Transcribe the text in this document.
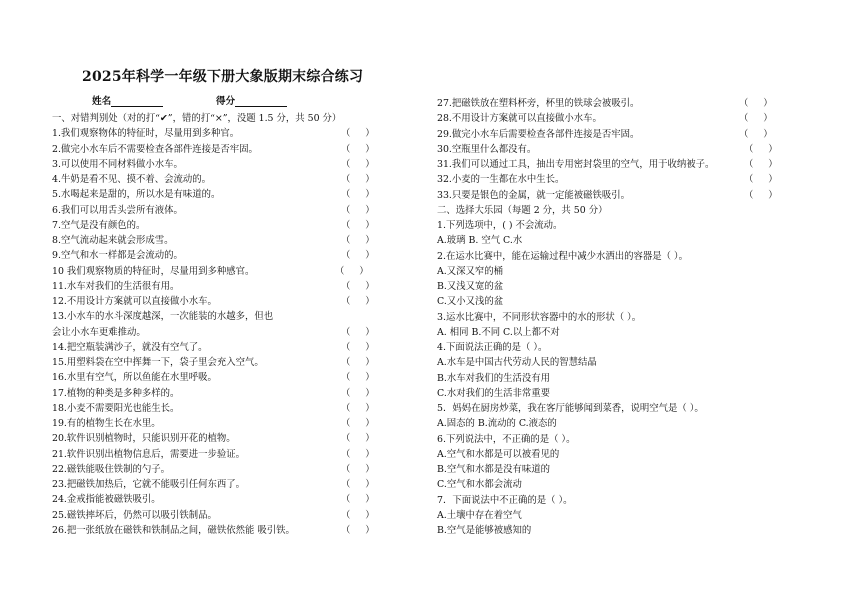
2025年科学一年级下册大象版期末综合练习
姓名	得分
一、对错判别处（对的打“✔”，错的打“×”，没题 1.5 分，共 50 分）
1.我们观察物体的特征时，尽量用到多种官。	（     ）
2.做完小水车后不需要检查各部件连接是否牢固。	（     ）
3.可以使用不同材料做小水车。	（     ）
4.牛奶是看不见、摸不着、会流动的。	（     ）
5.水喝起来是甜的，所以水是有味道的。	（     ）
6.我们可以用舌头尝所有液体。	（     ）
7.空气是没有颜色的。	（     ）
8.空气流动起来就会形成雪。	（     ）
9.空气和水一样都是会流动的。	（     ）
10 我们观察物质的特征时，尽量用到多种感官。	（     ）
11.水车对我们的生活很有用。	（     ）
12.不用设计方案就可以直接做小水车。	（     ）
13.小水车的水斗深度越深，一次能装的水越多，但也
会让小水车更难推动。	（     ）
14.把空瓶装满沙子，就没有空气了。	（     ）
15.用塑料袋在空中挥舞一下，袋子里会充入空气。	（     ）
16.水里有空气，所以鱼能在水里呼吸。	（     ）
17.植物的种类是多种多样的。	（     ）
18.小麦不需要阳光也能生长。	（     ）
19.有的植物生长在水里。	（     ）
20.软件识别植物时，只能识别开花的植物。	（     ）
21.软件识别出植物信息后，需要进一步验证。	（     ）
22.磁铁能吸住铁制的勺子。	（     ）
23.把磁铁加热后，它就不能吸引任何东西了。	（     ）
24.金戒指能被磁铁吸引。	（     ）
25.磁铁摔坏后，仍然可以吸引铁制品。	（     ）
26.把一张纸放在磁铁和铁制品之间，磁铁依然能 吸引铁。	（     ）
27.把磁铁放在塑料杯旁，杯里的铁球会被吸引。	（     ）
28.不用设计方案就可以直接做小水车。	（     ）
29.做完小水车后需要检查各部件连接是否牢固。	（     ）
30.空瓶里什么都没有。	（     ）
31.我们可以通过工具，抽出专用密封袋里的空气，用于收纳被子。	（     ）
32.小麦的一生都在水中生长。	（     ）
33.只要是银色的金属，就一定能被磁铁吸引。	（     ）
二、选择大乐园（每题 2 分，共 50 分）
1.下列选项中，( ) 不会流动。
A.玻璃 B. 空气 C.水
2.在运水比赛中，能在运输过程中减少水洒出的容器是（ ）。
A.又深又窄的桶
B.又浅又宽的盆
C.又小又浅的盆
3.运水比赛中，不同形状容器中的水的形状（ ）。
A. 相同 B.不同 C.以上都不对
4.下面说法正确的是（ ）。
A.水车是中国古代劳动人民的智慧结晶
B.水车对我们的生活没有用
C.水对我们的生活非常重要
5．妈妈在厨房炒菜，我在客厅能够闻到菜香，说明空气是（ ）。
A.固态的 B.流动的 C.液态的
6.下列说法中，不正确的是（ ）。
A.空气和水都是可以被看见的
B.空气和水都是没有味道的
C.空气和水都会流动
7．下面说法中不正确的是（ ）。
A.土壤中存在着空气
B.空气是能够被感知的
